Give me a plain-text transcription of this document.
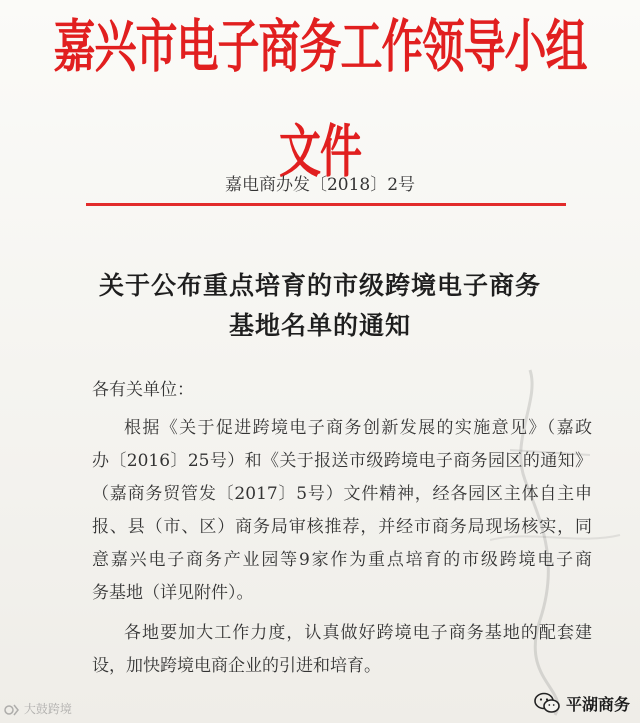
嘉兴市电子商务工作领导小组文件
嘉电商办发〔2018〕2号
关于公布重点培育的市级跨境电子商务
基地名单的通知
各有关单位：
根据《关于促进跨境电子商务创新发展的实施意见》（嘉政
办〔2016〕25号）和《关于报送市级跨境电子商务园区的通知》
（嘉商务贸管发〔2017〕5号）文件精神，经各园区主体自主申
报、县（市、区）商务局审核推荐，并经市商务局现场核实，同
意嘉兴电子商务产业园等9家作为重点培育的市级跨境电子商
务基地（详见附件）。
各地要加大工作力度，认真做好跨境电子商务基地的配套建
设，加快跨境电商企业的引进和培育。
大鼓跨境	平湖商务
